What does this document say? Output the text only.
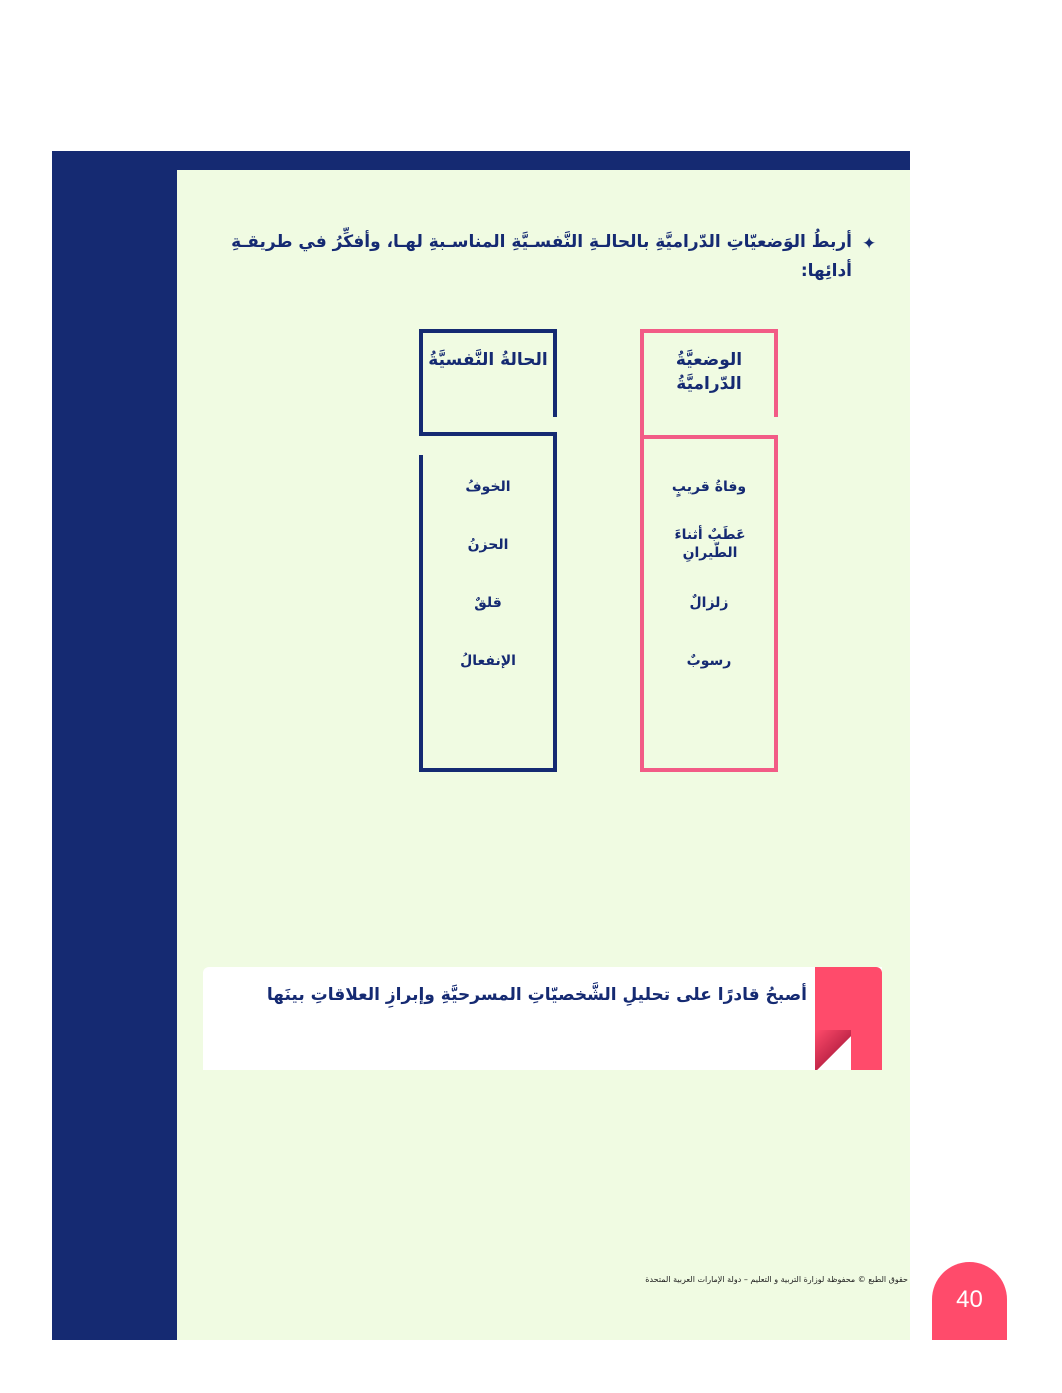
✦
أربطُ الوَضعيّاتِ الدّراميَّةِ بالحالـةِ النَّفسـيَّةِ المناسـبةِ لهـا، وأفكِّرُ في طريقـةِ أدائِها:
الوضعيَّةُ الدّراميَّةُ
وفاةُ قريبٍ
عَطَبٌ أثناءَ الطّيرانِ
زلزالٌ
رسوبٌ
الحالةُ النَّفسيَّةُ
الخوفُ
الحزنُ
قلقٌ
الإنفعالُ
أصبحُ قادرًا على تحليلِ الشَّخصيّاتِ المسرحيَّةِ وإبرازِ العلاقاتِ بينَها
حقوق الطبع © محفوظة لوزارة التربية و التعليم – دولة الإمارات العربية المتحدة
40
